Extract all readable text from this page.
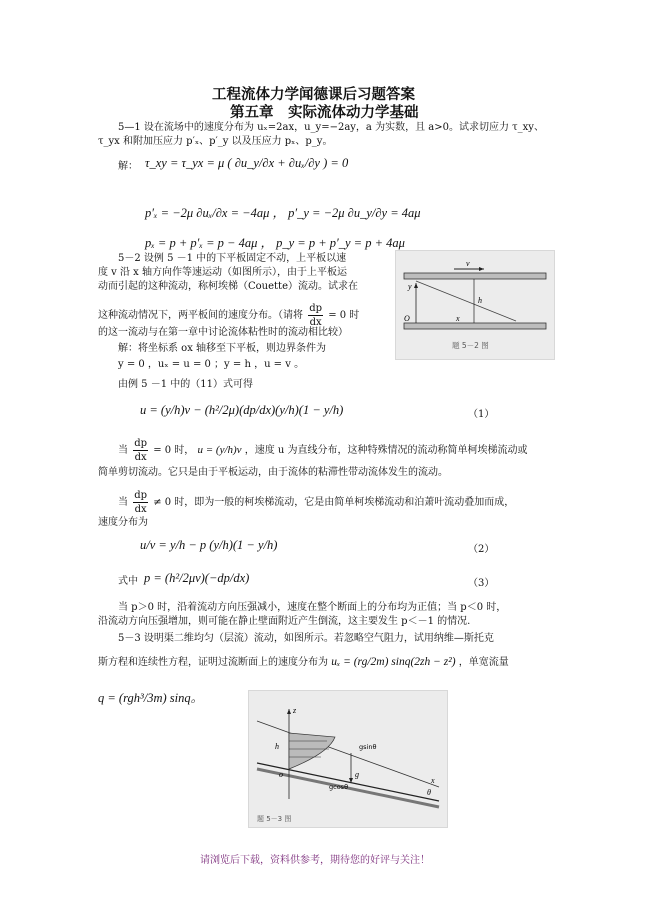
工程流体力学闻德课后习题答案
第五章　实际流体动力学基础
5—1 设在流场中的速度分布为 uₓ=2ax，u_y=−2ay，a 为实数，且 a>0。试求切应力 τ_xy、
τ_yx 和附加压应力 p′ₓ、p′_y 以及压应力 pₓ、p_y。
解： τ_xy = τ_yx = μ ( ∂u_y/∂x + ∂uₓ/∂y ) = 0
p′ₓ = −2μ ∂uₓ/∂x = −4aμ ， p′_y = −2μ ∂u_y/∂y = 4aμ
pₓ = p + p′ₓ = p − 4aμ ， p_y = p + p′_y = p + 4aμ
5－2 设例 5 －1 中的下平板固定不动，上平板以速
度 v 沿 x 轴方向作等速运动（如图所示），由于上平板运
动而引起的这种流动，称柯埃梯（Couette）流动。试求在
这种流动情况下，两平板间的速度分布。（请将 $\frac{dp}{dx} = 0$ 时
的这一流动与在第一章中讨论流体粘性时的流动相比较）
解：将坐标系 ox 轴移至下平板，则边界条件为
y = 0 ，uₓ = u = 0 ；y = h ，u = v 。
由例 5 －1 中的（11）式可得
u = (y/h)v − (h²/2μ)(dp/dx)(y/h)(1 − y/h)	（1）
当 $\frac{dp}{dx} = 0$ 时， u = (y/h)v ，速度 u 为直线分布，这种特殊情况的流动称简单柯埃梯流动或
简单剪切流动。它只是由于平板运动，由于流体的粘滞性带动流体发生的流动。
当 $\frac{dp}{dx} \ne 0$ 时，即为一般的柯埃梯流动，它是由简单柯埃梯流动和泊萧叶流动叠加而成，
速度分布为
u/v = y/h − p (y/h)(1 − y/h)	（2）
式中 p = (h²/2μv)(−dp/dx)	（3）
当 p＞0 时，沿着流动方向压强减小，速度在整个断面上的分布均为正值；当 p＜0 时，
沿流动方向压强增加，则可能在静止壁面附近产生倒流，这主要发生 p＜－1 的情况.
5－3 设明渠二维均匀（层流）流动，如图所示。若忽略空气阻力，试用纳维—斯托克
斯方程和连续性方程，证明过流断面上的速度分布为 uₓ = (rg/2m) sinq(2zh − z²) ，单宽流量
q = (rgh³/3m) sinq。
v
y
h
O	x
题 5－2 图
z
h	gsinθ
gcosθ
g
θ
x
o
题 5－3 图
请浏览后下载，资料供参考，期待您的好评与关注！
